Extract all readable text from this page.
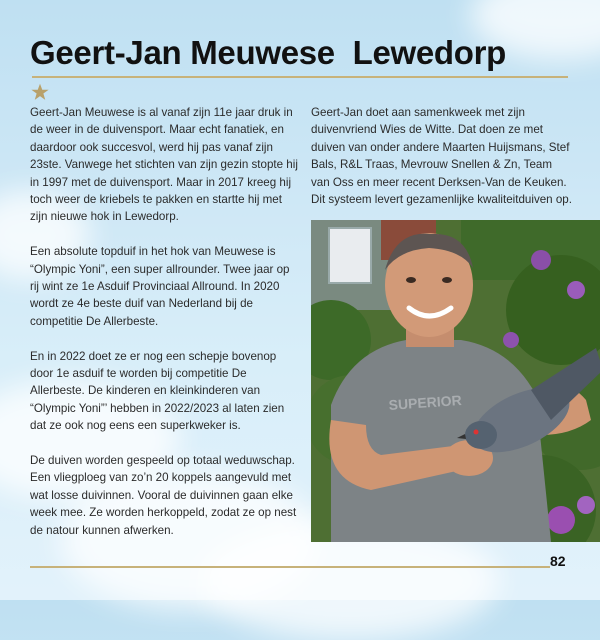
Geert-Jan Meuwese  Lewedorp

Geert-Jan Meuwese is al vanaf zijn 11e jaar druk in de weer in de duivensport. Maar echt fanatiek, en daardoor ook succesvol, werd hij pas vanaf zijn 23ste. Vanwege het stichten van zijn gezin stopte hij in 1997 met de duivensport. Maar in 2017 kreeg hij toch weer de kriebels te pakken en startte hij met zijn nieuwe hok in Lewedorp.

Een absolute topduif in het hok van Meuwese is “Olympic Yoni”, een super allrounder. Twee jaar op rij wint ze 1e Asduif Provinciaal Allround. In 2020 wordt ze 4e beste duif van Nederland bij de competitie De Allerbeste.

En in 2022 doet ze er nog een schepje bovenop door 1e asduif te worden bij competitie De Allerbeste. De kinderen en kleinkinderen van “Olympic Yoni”’ hebben in 2022/2023 al laten zien dat ze ook nog eens een superkweker is.

De duiven worden gespeeld op totaal weduwschap. Een vliegploeg van zo’n 20 koppels aangevuld met wat losse duivinnen. Vooral de duivinnen gaan elke week mee. Ze worden herkoppeld, zodat ze op nest de natour kunnen afwerken.

Geert-Jan doet aan samenkweek met zijn duivenvriend Wies de Witte. Dat doen ze met duiven van onder andere Maarten Huijsmans, Stef Bals, R&L Traas, Mevrouw Snellen & Zn, Team van Oss en meer recent Derksen-Van de Keuken. Dit systeem levert gezamenlijke kwaliteitduiven op.

SUPERIOR
82
